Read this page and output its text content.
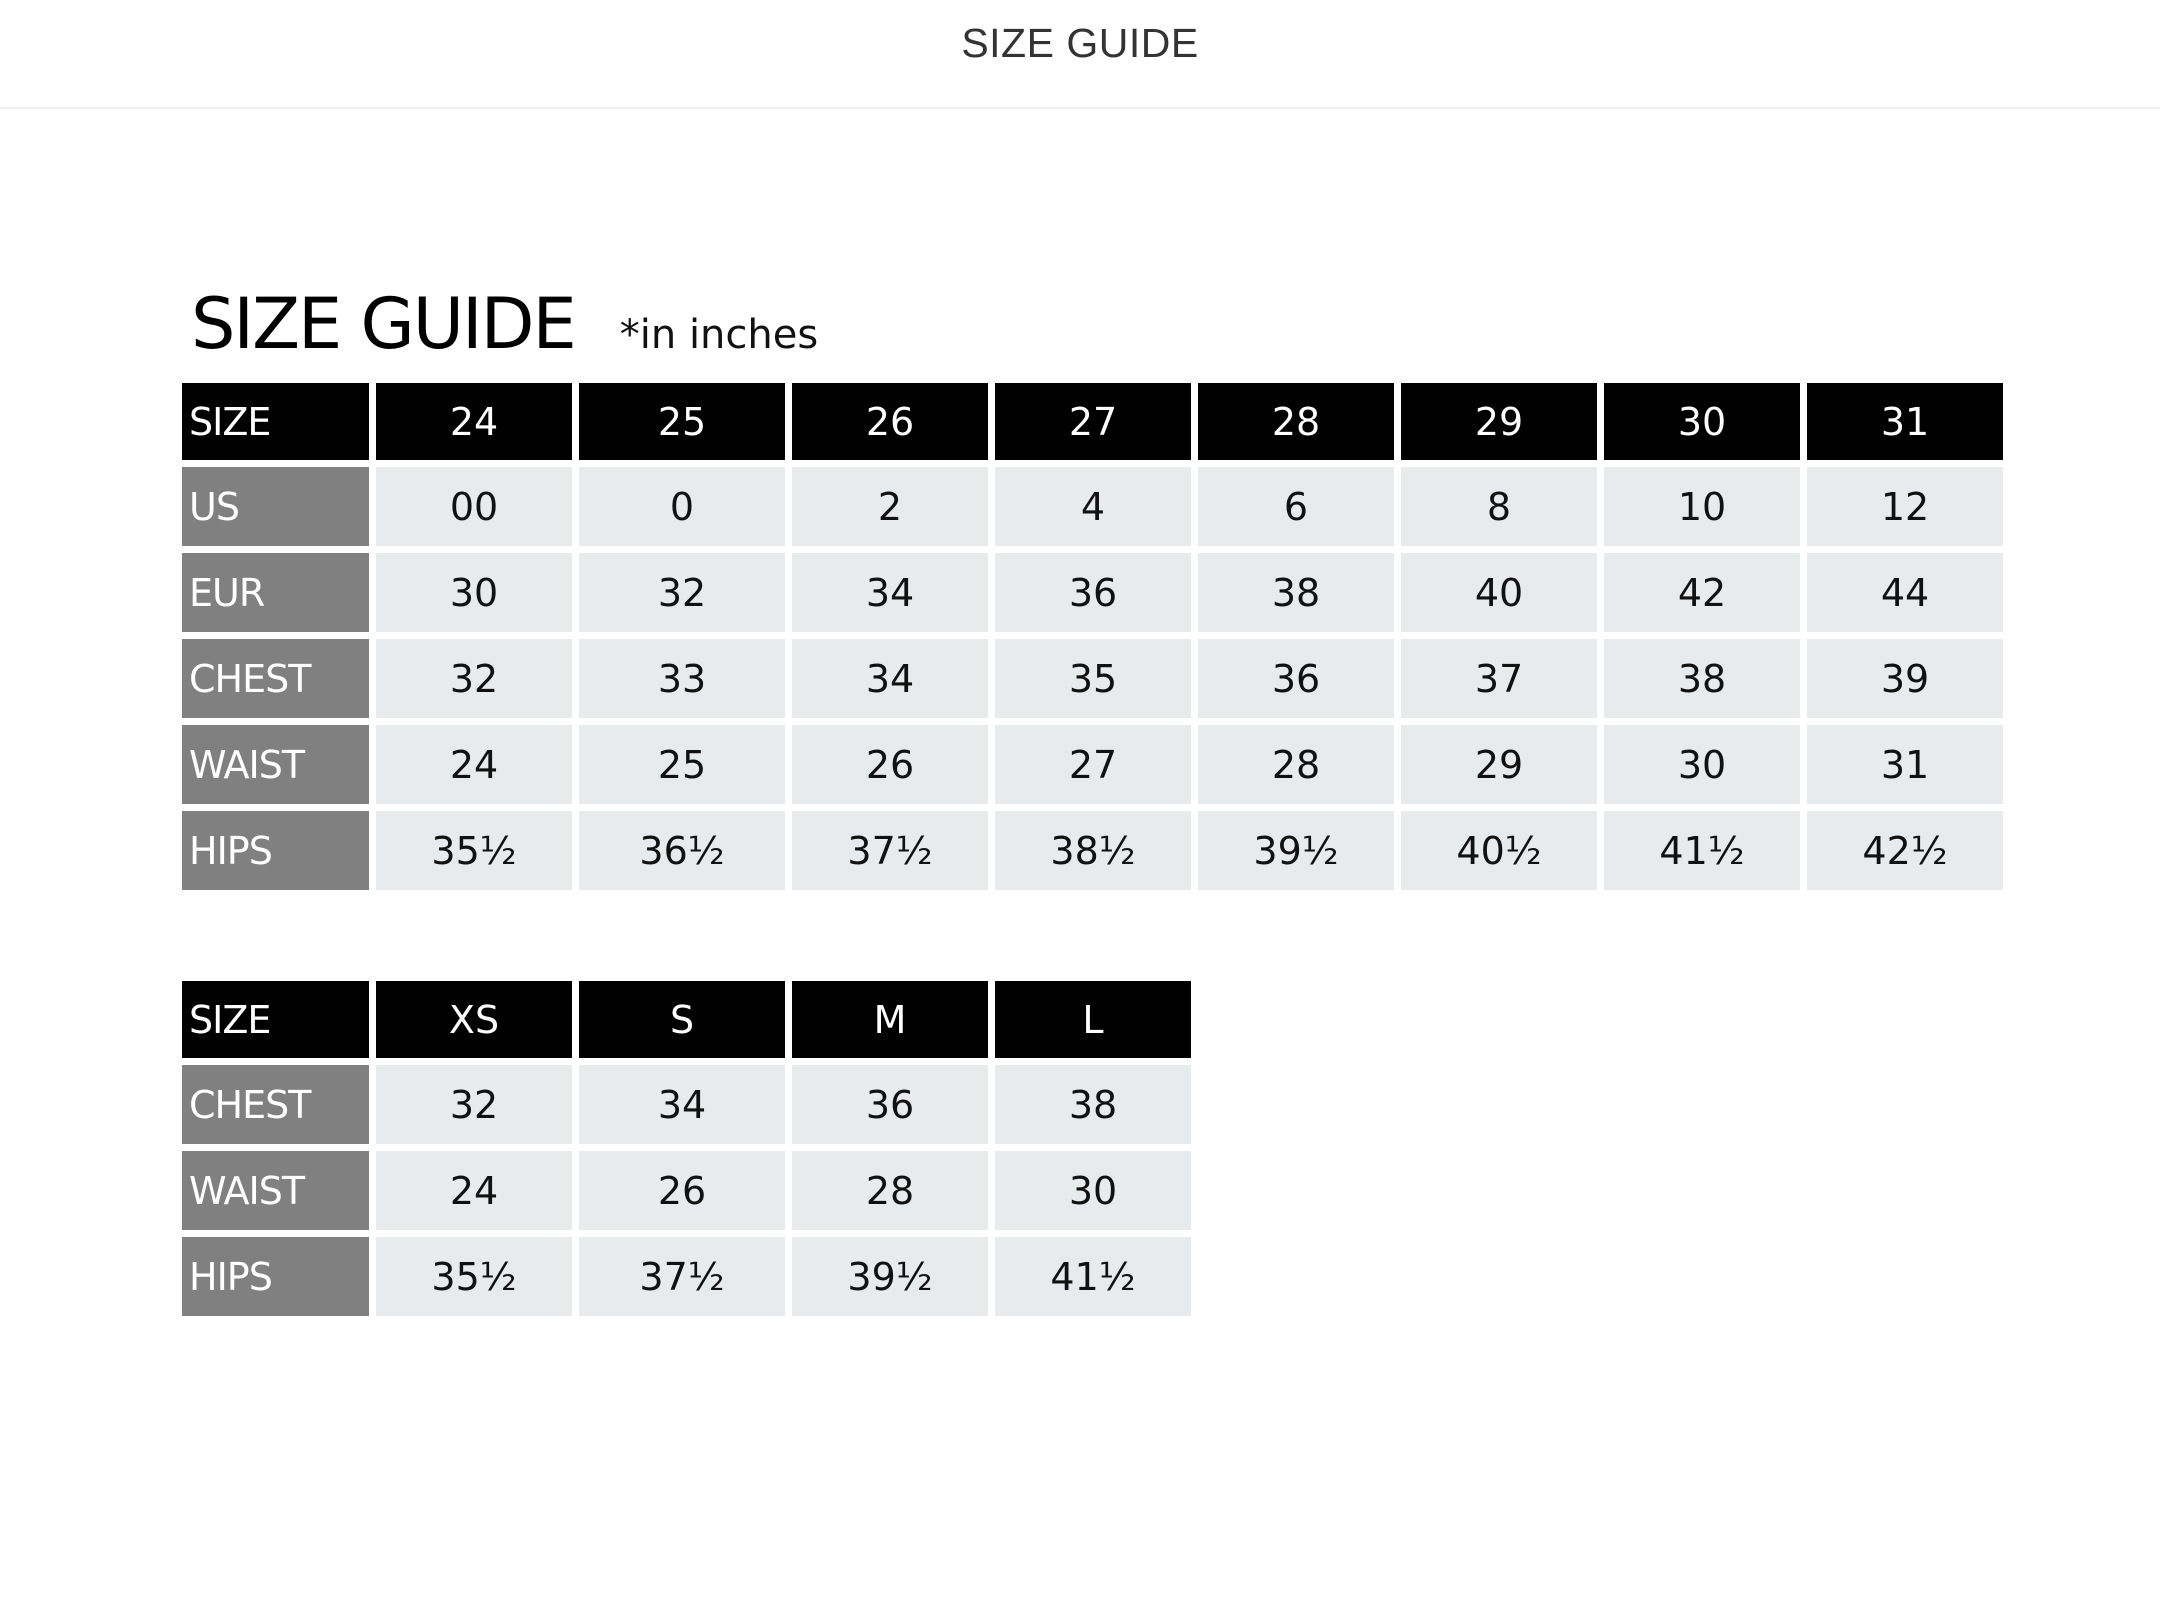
SIZE GUIDE
SIZE GUIDE *in inches
SIZE	24	25	26	27	28	29	30	31
US	00	0	2	4	6	8	10	12
EUR	30	32	34	36	38	40	42	44
CHEST	32	33	34	35	36	37	38	39
WAIST	24	25	26	27	28	29	30	31
HIPS	35½	36½	37½	38½	39½	40½	41½	42½
SIZE	XS	S	M	L
CHEST	32	34	36	38
WAIST	24	26	28	30
HIPS	35½	37½	39½	41½
